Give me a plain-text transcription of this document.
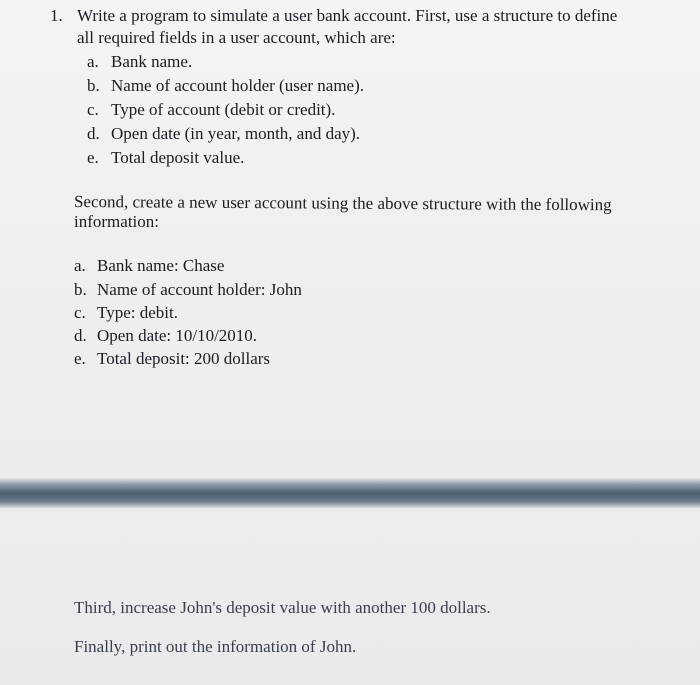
1. Write a program to simulate a user bank account. First, use a structure to define
all required fields in a user account, which are:
a. Bank name.
b. Name of account holder (user name).
c. Type of account (debit or credit).
d. Open date (in year, month, and day).
e. Total deposit value.
Second, create a new user account using the above structure with the following
information:
a. Bank name: Chase
b. Name of account holder: John
c. Type: debit.
d. Open date: 10/10/2010.
e. Total deposit: 200 dollars
Third, increase John's deposit value with another 100 dollars.
Finally, print out the information of John.
